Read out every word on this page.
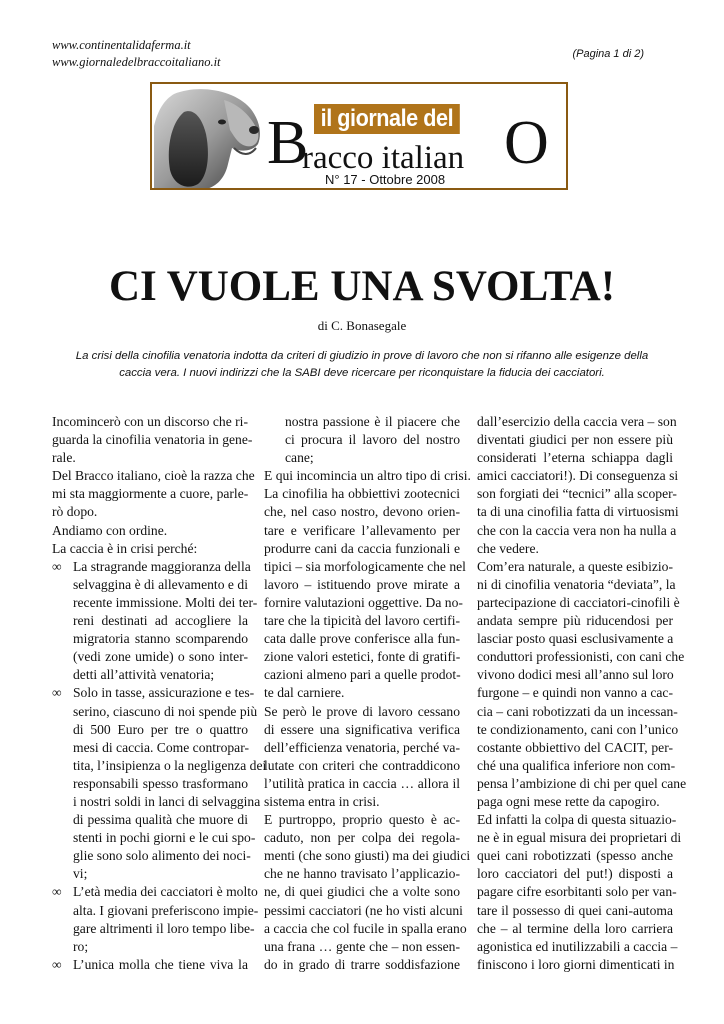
www.continentalidaferma.it
www.giornaledelbraccoitaliano.it
(Pagina 1 di 2)
il giornale del
B
racco italian O
N° 17 - Ottobre 2008
CI VUOLE UNA SVOLTA!
di C. Bonasegale
La crisi della cinofilia venatoria indotta da criteri di giudizio in prove di lavoro che non si rifanno alle esigenze della caccia vera. I nuovi indirizzi che la SABI deve ricercare per riconquistare la fiducia dei cacciatori.
Incomincerò con un discorso che ri-
guarda la cinofilia venatoria in gene-
rale.
Del Bracco italiano, cioè la razza che
mi sta maggiormente a cuore, parle-
rò dopo.
Andiamo con ordine.
La caccia è in crisi perché:
∞ La stragrande maggioranza della
selvaggina è di allevamento e di
recente immissione. Molti dei ter-
reni destinati ad accogliere la
migratoria stanno scomparendo
(vedi zone umide) o sono inter-
detti all’attività venatoria;
∞ Solo in tasse, assicurazione e tes-
serino, ciascuno di noi spende più
di 500 Euro per tre o quattro
mesi di caccia. Come contropar-
tita, l’insipienza o la negligenza dei
responsabili spesso trasformano
i nostri soldi in lanci di selvaggina
di pessima qualità che muore di
stenti in pochi giorni e le cui spo-
glie sono solo alimento dei noci-
vi;
∞ L’età media dei cacciatori è molto
alta. I giovani preferiscono impie-
gare altrimenti il loro tempo libe-
ro;
∞ L’unica molla che tiene viva la
nostra passione è il piacere che
ci procura il lavoro del nostro
cane;
E qui incomincia un altro tipo di crisi.
La cinofilia ha obbiettivi zootecnici
che, nel caso nostro, devono orien-
tare e verificare l’allevamento per
produrre cani da caccia funzionali e
tipici – sia morfologicamente che nel
lavoro – istituendo prove mirate a
fornire valutazioni oggettive. Da no-
tare che la tipicità del lavoro certifi-
cata dalle prove conferisce alla fun-
zione valori estetici, fonte di gratifi-
cazioni almeno pari a quelle prodot-
te dal carniere.
Se però le prove di lavoro cessano
di essere una significativa verifica
dell’efficienza venatoria, perché va-
lutate con criteri che contraddicono
l’utilità pratica in caccia … allora il
sistema entra in crisi.
E purtroppo, proprio questo è ac-
caduto, non per colpa dei regola-
menti (che sono giusti) ma dei giudici
che ne hanno travisato l’applicazio-
ne, di quei giudici che a volte sono
pessimi cacciatori (ne ho visti alcuni
a caccia che col fucile in spalla erano
una frana … gente che – non essen-
do in grado di trarre soddisfazione
dall’esercizio della caccia vera – son
diventati giudici per non essere più
considerati l’eterna schiappa dagli
amici cacciatori!). Di conseguenza si
son forgiati dei “tecnici” alla scoper-
ta di una cinofilia fatta di virtuosismi
che con la caccia vera non ha nulla a
che vedere.
Com’era naturale, a queste esibizio-
ni di cinofilia venatoria “deviata”, la
partecipazione di cacciatori-cinofili è
andata sempre più riducendosi per
lasciar posto quasi esclusivamente a
conduttori professionisti, con cani che
vivono dodici mesi all’anno sul loro
furgone – e quindi non vanno a cac-
cia – cani robotizzati da un incessan-
te condizionamento, cani con l’unico
costante obbiettivo del CACIT, per-
ché una qualifica inferiore non com-
pensa l’ambizione di chi per quel cane
paga ogni mese rette da capogiro.
Ed infatti la colpa di questa situazio-
ne è in egual misura dei proprietari di
quei cani robotizzati (spesso anche
loro cacciatori del put!) disposti a
pagare cifre esorbitanti solo per van-
tare il possesso di quei cani-automa
che – al termine della loro carriera
agonistica ed inutilizzabili a caccia –
finiscono i loro giorni dimenticati in
